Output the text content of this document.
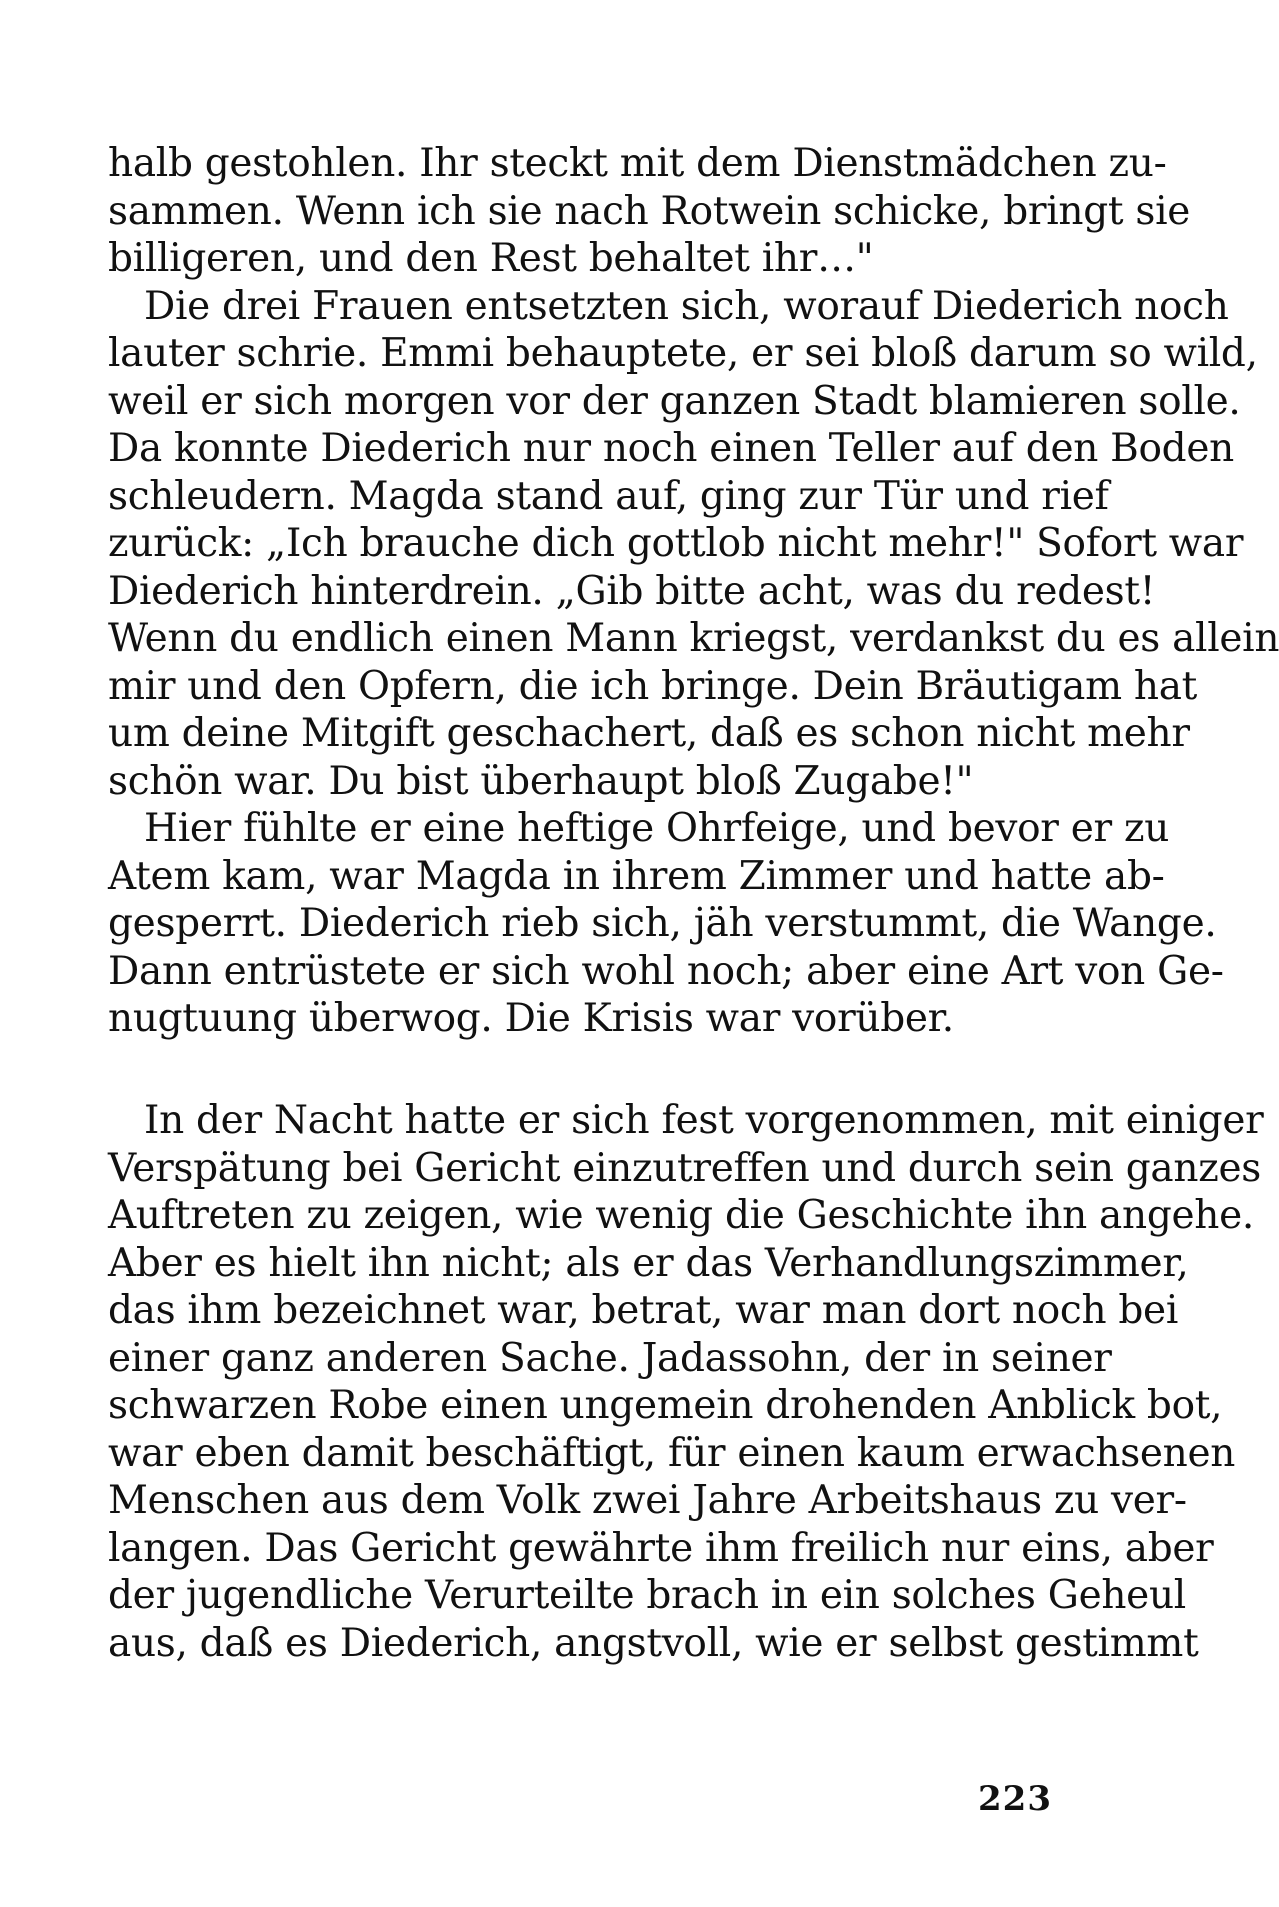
halb gestohlen. Ihr steckt mit dem Dienstmädchen zu-
sammen. Wenn ich sie nach Rotwein schicke, bringt sie
billigeren, und den Rest behaltet ihr…"
Die drei Frauen entsetzten sich, worauf Diederich noch
lauter schrie. Emmi behauptete, er sei bloß darum so wild,
weil er sich morgen vor der ganzen Stadt blamieren solle.
Da konnte Diederich nur noch einen Teller auf den Boden
schleudern. Magda stand auf, ging zur Tür und rief
zurück: „Ich brauche dich gottlob nicht mehr!" Sofort war
Diederich hinterdrein. „Gib bitte acht, was du redest!
Wenn du endlich einen Mann kriegst, verdankst du es allein
mir und den Opfern, die ich bringe. Dein Bräutigam hat
um deine Mitgift geschachert, daß es schon nicht mehr
schön war. Du bist überhaupt bloß Zugabe!"
Hier fühlte er eine heftige Ohrfeige, und bevor er zu
Atem kam, war Magda in ihrem Zimmer und hatte ab-
gesperrt. Diederich rieb sich, jäh verstummt, die Wange.
Dann entrüstete er sich wohl noch; aber eine Art von Ge-
nugtuung überwog. Die Krisis war vorüber.
In der Nacht hatte er sich fest vorgenommen, mit einiger
Verspätung bei Gericht einzutreffen und durch sein ganzes
Auftreten zu zeigen, wie wenig die Geschichte ihn angehe.
Aber es hielt ihn nicht; als er das Verhandlungszimmer,
das ihm bezeichnet war, betrat, war man dort noch bei
einer ganz anderen Sache. Jadassohn, der in seiner
schwarzen Robe einen ungemein drohenden Anblick bot,
war eben damit beschäftigt, für einen kaum erwachsenen
Menschen aus dem Volk zwei Jahre Arbeitshaus zu ver-
langen. Das Gericht gewährte ihm freilich nur eins, aber
der jugendliche Verurteilte brach in ein solches Geheul
aus, daß es Diederich, angstvoll, wie er selbst gestimmt
223
